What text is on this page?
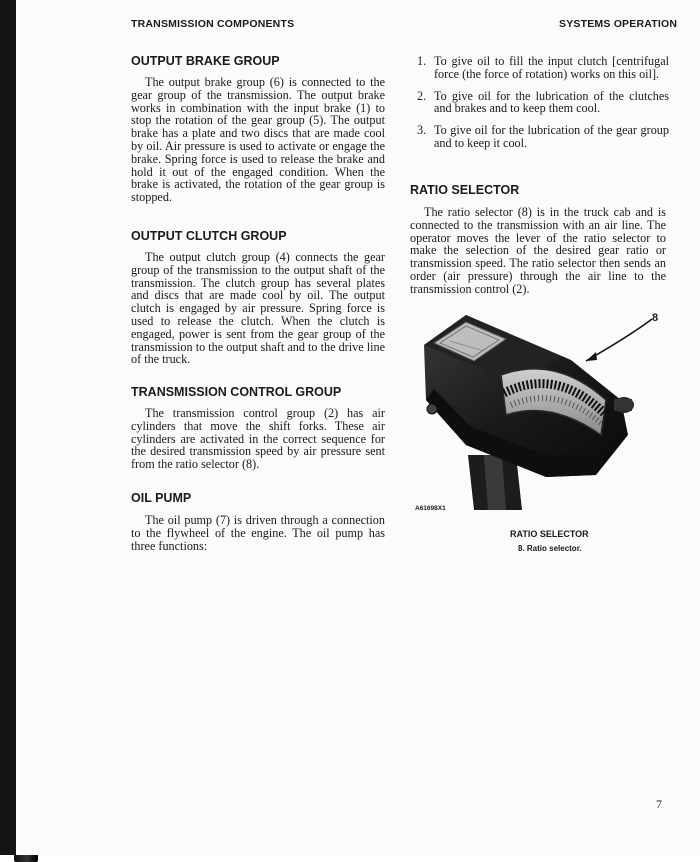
TRANSMISSION COMPONENTS	SYSTEMS OPERATION
OUTPUT BRAKE GROUP

The output brake group (6) is connected to the gear group of the transmission. The output brake works in combination with the input brake (1) to stop the rotation of the gear group (5). The output brake has a plate and two discs that are made cool by oil. Air pressure is used to activate or engage the brake. Spring force is used to release the brake and hold it out of the engaged condition. When the brake is activated, the rotation of the gear group is stopped.

OUTPUT CLUTCH GROUP

The output clutch group (4) connects the gear group of the transmission to the output shaft of the transmission. The clutch group has several plates and discs that are made cool by oil. The output clutch is engaged by air pressure. Spring force is used to release the clutch. When the clutch is engaged, power is sent from the gear group of the transmission to the output shaft and to the drive line of the truck.

TRANSMISSION CONTROL GROUP

The transmission control group (2) has air cylinders that move the shift forks. These air cylinders are activated in the correct sequence for the desired transmission speed by air pressure sent from the ratio selector (8).

OIL PUMP

The oil pump (7) is driven through a connection to the flywheel of the engine. The oil pump has three functions:

1. To give oil to fill the input clutch [centrifugal force (the force of rotation) works on this oil].
2. To give oil for the lubrication of the clutches and brakes and to keep them cool.
3. To give oil for the lubrication of the gear group and to keep it cool.
RATIO SELECTOR

The ratio selector (8) is in the truck cab and is connected to the transmission with an air line. The operator moves the lever of the ratio selector to make the selection of the desired gear ratio or transmission speed. The ratio selector then sends an order (air pressure) through the air line to the transmission control (2).

8
A61698X1
RATIO SELECTOR
8. Ratio selector.
7
